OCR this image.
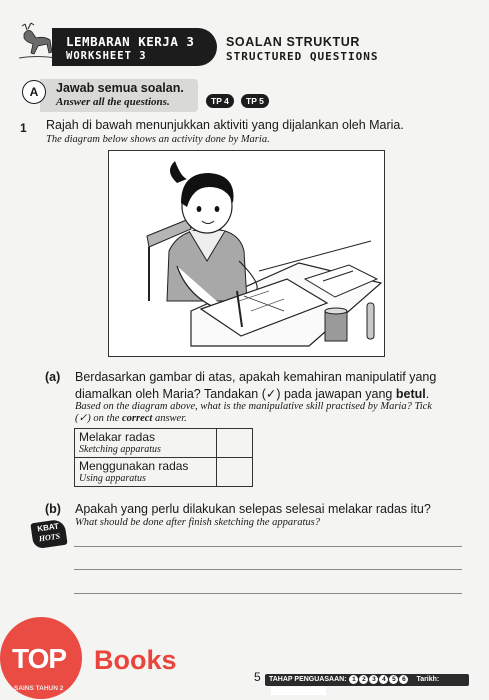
LEMBARAN KERJA 3
WORKSHEET 3
SOALAN STRUKTUR
STRUCTURED QUESTIONS
A	Jawab semua soalan.
Answer all the questions.	TP 4	TP 5
1 Rajah di bawah menunjukkan aktiviti yang dijalankan oleh Maria.
The diagram below shows an activity done by Maria.
(a) Berdasarkan gambar di atas, apakah kemahiran manipulatif yang
diamalkan oleh Maria? Tandakan (✓) pada jawapan yang betul.
Based on the diagram above, what is the manipulative skill practised by Maria? Tick
(✓) on the correct answer.
Melakar radas
Sketching apparatus	

Menggunakan radas
Using apparatus	

(b) Apakah yang perlu dilakukan selepas selesai melakar radas itu?
What should be done after finish sketching the apparatus?
KBAT
HOTS
TOP Books
SAINS TAHUN 2
5	TAHAP PENGUASAAN: 1 2 3 4 5 6 Tarikh:
